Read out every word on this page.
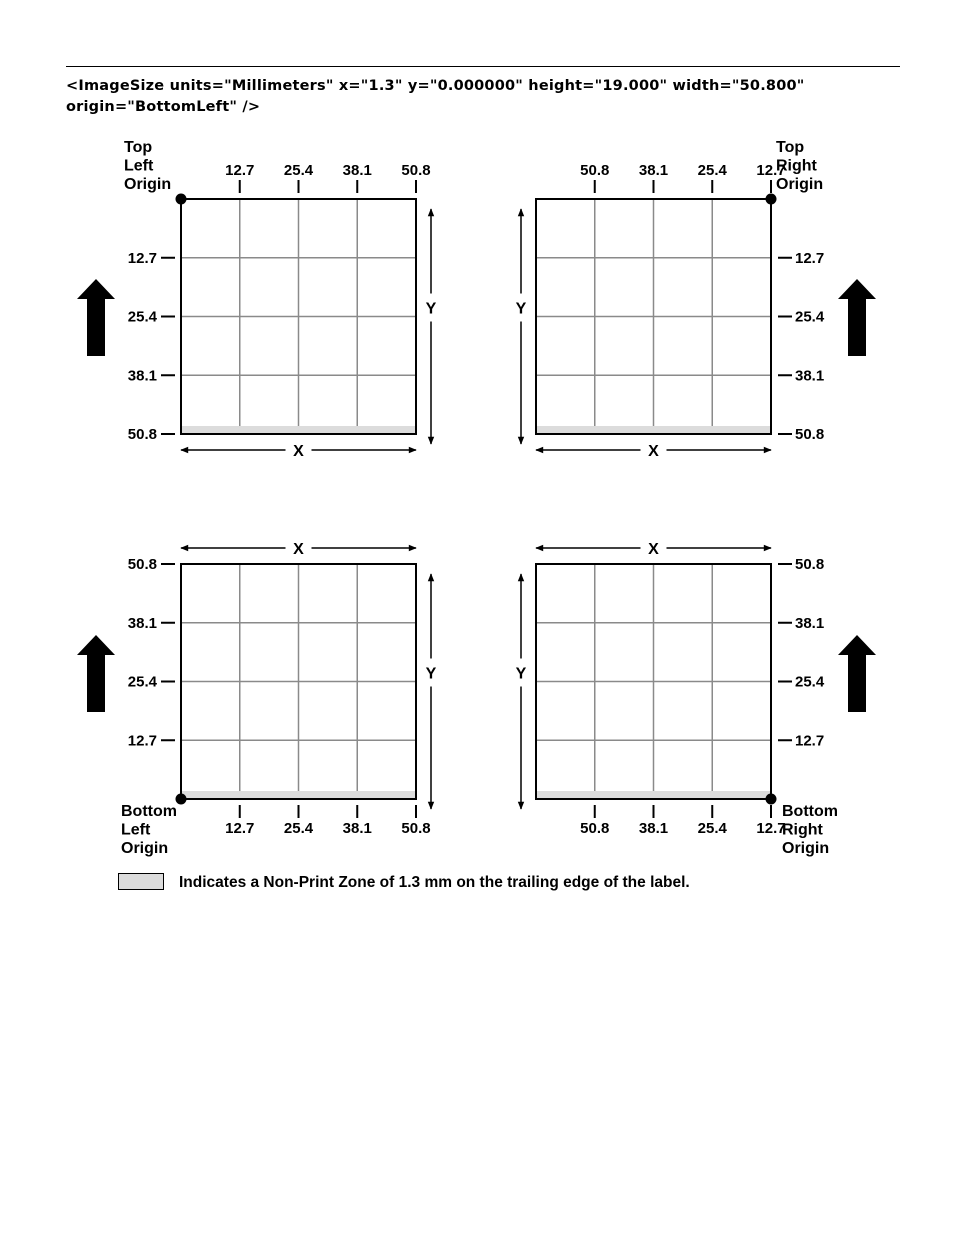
<ImageSize units="Millimeters" x="1.3" y="0.000000" height="19.000" width="50.800"
origin="BottomLeft" />
Top
Left
Origin
12.7 25.4 38.1 50.8
12.7
25.4
38.1
50.8
X
Y
FEED
Top
Right
Origin
50.8 38.1 25.4 12.7
12.7
25.4
38.1
50.8
X
Y	FEED
Bottom
Left
Origin
12.7 25.4 38.1 50.8
50.8
38.1
25.4
12.7
X
Y
FEED
Bottom
Right
Origin
50.8 38.1 25.4 12.7
50.8
38.1
25.4
12.7
X
Y	FEED
Indicates a Non-Print Zone of 1.3 mm on the trailing edge of the label.
